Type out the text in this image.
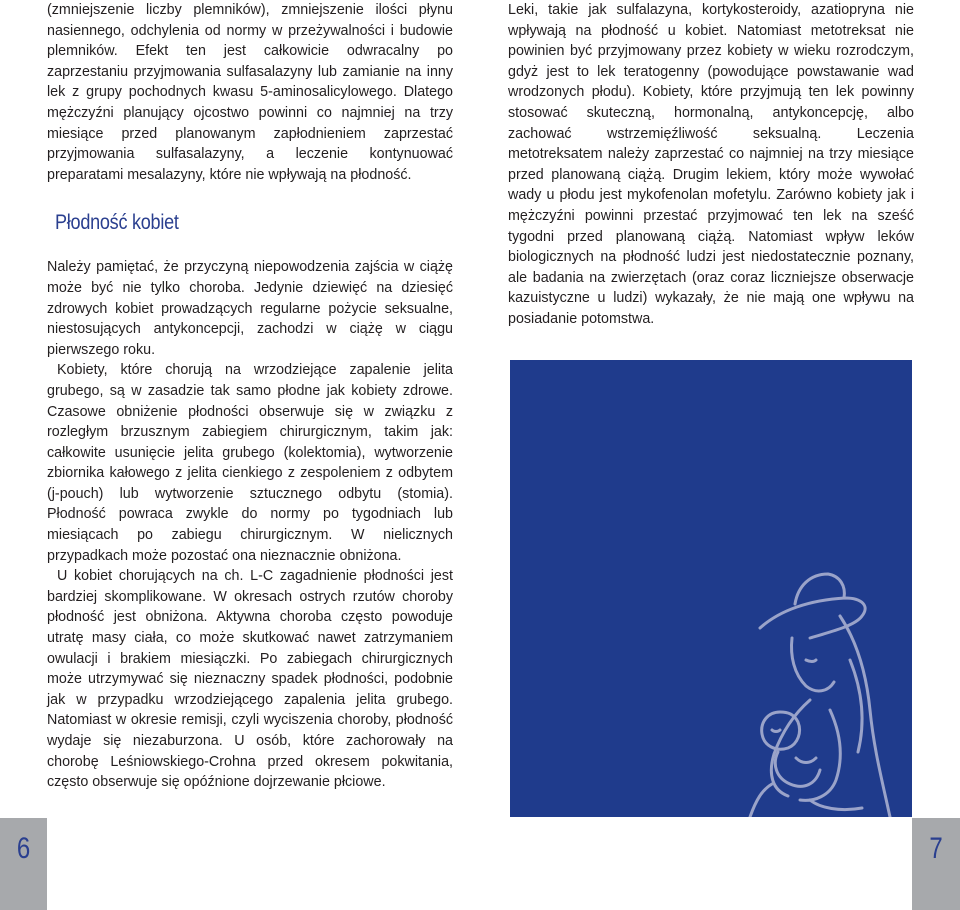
(zmniejszenie liczby plemników), zmniejszenie ilości płynu nasiennego, odchylenia od normy w przeżywalności i budowie plemników. Efekt ten jest całkowicie odwracalny po zaprzestaniu przyjmowania sulfasalazyny lub zamianie na inny lek z grupy pochodnych kwasu 5-aminosalicylowego. Dlatego mężczyźni planujący ojcostwo powinni co najmniej na trzy miesiące przed planowanym zapłodnieniem zaprzestać przyjmowania sulfasalazyny, a leczenie kontynuować preparatami mesalazyny, które nie wpływają na płodność.

Płodność kobiet

Należy pamiętać, że przyczyną niepowodzenia zajścia w ciążę może być nie tylko choroba. Jedynie dziewięć na dziesięć zdrowych kobiet prowadzących regularne pożycie seksualne, niestosujących antykoncepcji, zachodzi w ciążę w ciągu pierwszego roku.

Kobiety, które chorują na wrzodziejące zapalenie jelita grubego, są w zasadzie tak samo płodne jak kobiety zdrowe. Czasowe obniżenie płodności obserwuje się w związku z rozległym brzusznym zabiegiem chirurgicznym, takim jak: całkowite usunięcie jelita grubego (kolektomia), wytworzenie zbiornika kałowego z jelita cienkiego z zespoleniem z odbytem (j-pouch) lub wytworzenie sztucznego odbytu (stomia). Płodność powraca zwykle do normy po tygodniach lub miesiącach po zabiegu chirurgicznym. W nielicznych przypadkach może pozostać ona nieznacznie obniżona.

U kobiet chorujących na ch. L-C zagadnienie płodności jest bardziej skomplikowane. W okresach ostrych rzutów choroby płodność jest obniżona. Aktywna choroba często powoduje utratę masy ciała, co może skutkować nawet zatrzymaniem owulacji i brakiem miesiączki. Po zabiegach chirurgicznych może utrzymywać się nieznaczny spadek płodności, podobnie jak w przypadku wrzodziejącego zapalenia jelita grubego. Natomiast w okresie remisji, czyli wyciszenia choroby, płodność wydaje się niezaburzona. U osób, które zachorowały na chorobę Leśniowskiego-Crohna przed okresem pokwitania, często obserwuje się opóźnione dojrzewanie płciowe.

6

Leki, takie jak sulfalazyna, kortykosteroidy, azatiopryna nie wpływają na płodność u kobiet. Natomiast metotreksat nie powinien być przyjmowany przez kobiety w wieku rozrodczym, gdyż jest to lek teratogenny (powodujące powstawanie wad wrodzonych płodu). Kobiety, które przyjmują ten lek powinny stosować skuteczną, hormonalną, antykoncepcję, albo zachować wstrzemięźliwość seksualną. Leczenia metotreksatem należy zaprzestać co najmniej na trzy miesiące przed planowaną ciążą. Drugim lekiem, który może wywołać wady u płodu jest mykofenolan mofetylu. Zarówno kobiety jak i mężczyźni powinni przestać przyjmować ten lek na sześć tygodni przed planowaną ciążą. Natomiast wpływ leków biologicznych na płodność ludzi jest niedostatecznie poznany, ale badania na zwierzętach (oraz coraz liczniejsze obserwacje kazuistyczne u ludzi) wykazały, że nie mają one wpływu na posiadanie potomstwa.

7
